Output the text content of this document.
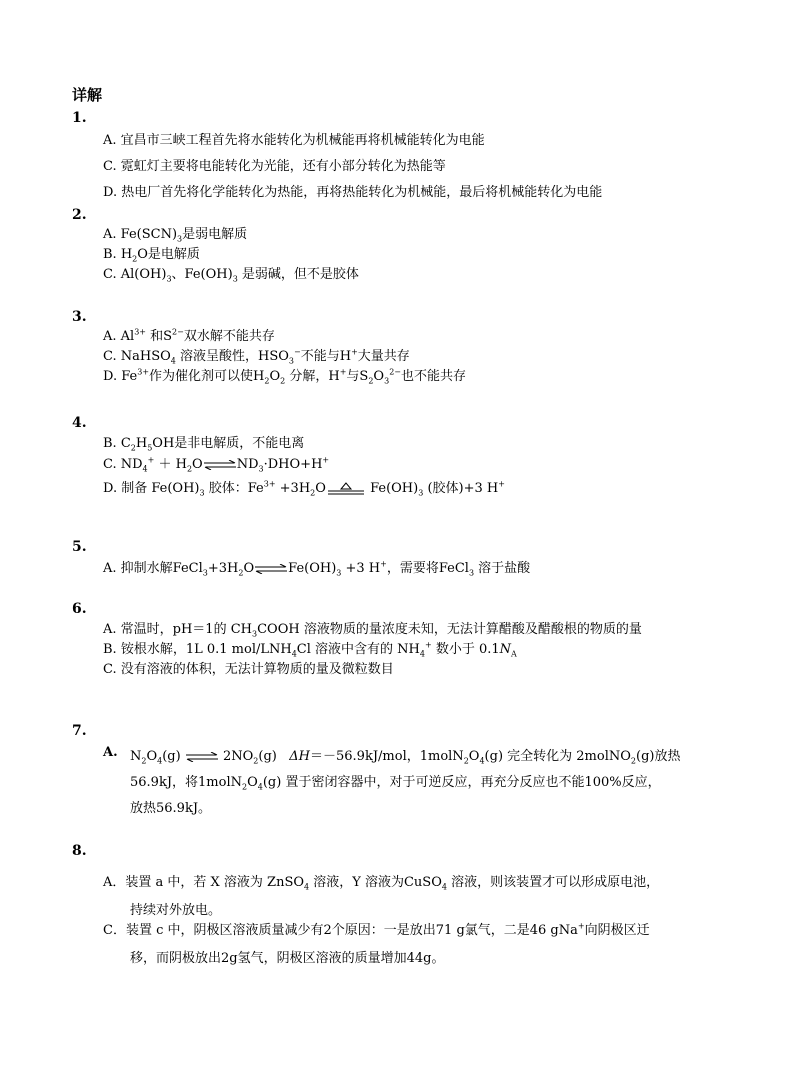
详解
1.
A. 宜昌市三峡工程首先将水能转化为机械能再将机械能转化为电能
C. 霓虹灯主要将电能转化为光能，还有小部分转化为热能等
D. 热电厂首先将化学能转化为热能，再将热能转化为机械能，最后将机械能转化为电能
2.
A. $Fe(SCN)_3$是弱电解质
B. $H_2O$是电解质
C. $Al(OH)_3$、$Fe(OH)_3$ 是弱碱，但不是胶体
3.
A. $Al^{3+}$ 和$S^{2-}$双水解不能共存
C. NaHSO$_4$ 溶液呈酸性，$HSO_3^-$不能与H+大量共存
D. $Fe^{3+}$作为催化剂可以使$H_2O_2$ 分解，H+与$S_2O_3^{2-}$也不能共存
4.
B. $C_2H_5OH$是非电解质，不能电离
C. $ND_4^+$ ＋ $H_2O\rightleftharpoons ND_3\cdot DHO+H^+$
D. 制备 $Fe(OH)_3$ 胶体：$Fe^{3+} +3H_2O$	$Fe(OH)_3$ (胶体)+3 H+
5.
A. 抑制水解$FeCl_3+3H_2O\rightleftharpoons Fe(OH)_3 +3$ H+，需要将FeCl$_3$ 溶于盐酸
6.
A. 常温时，pH＝1的 $CH_3COOH$ 溶液物质的量浓度未知，无法计算醋酸及醋酸根的物质的量
B. 铵根水解，1L 0.1 mol/$LNH_4Cl$ 溶液中含有的 $NH_4^+$ 数小于 $0.1N_A$
C. 没有溶液的体积，无法计算物质的量及微粒数目
7.
A. $N_2O_4(g)$ ⇌ $2NO_2(g)$ ΔH＝－56.9kJ/mol，$1molN_2O_4(g)$ 完全转化为 2molNO$_2$(g)放热
56.9kJ，将$1molN_2O_4(g)$ 置于密闭容器中，对于可逆反应，再充分反应也不能100%反应，
放热56.9kJ。
8.
A．装置 a 中，若 X 溶液为 ZnSO$_4$ 溶液，Y 溶液为CuSO$_4$ 溶液，则该装置才可以形成原电池，
持续对外放电。
C．装置 c 中，阴极区溶液质量减少有2个原因：一是放出71 g氯气，二是46 gNa+向阴极区迁
移，而阴极放出2g氢气，阴极区溶液的质量增加44g。
